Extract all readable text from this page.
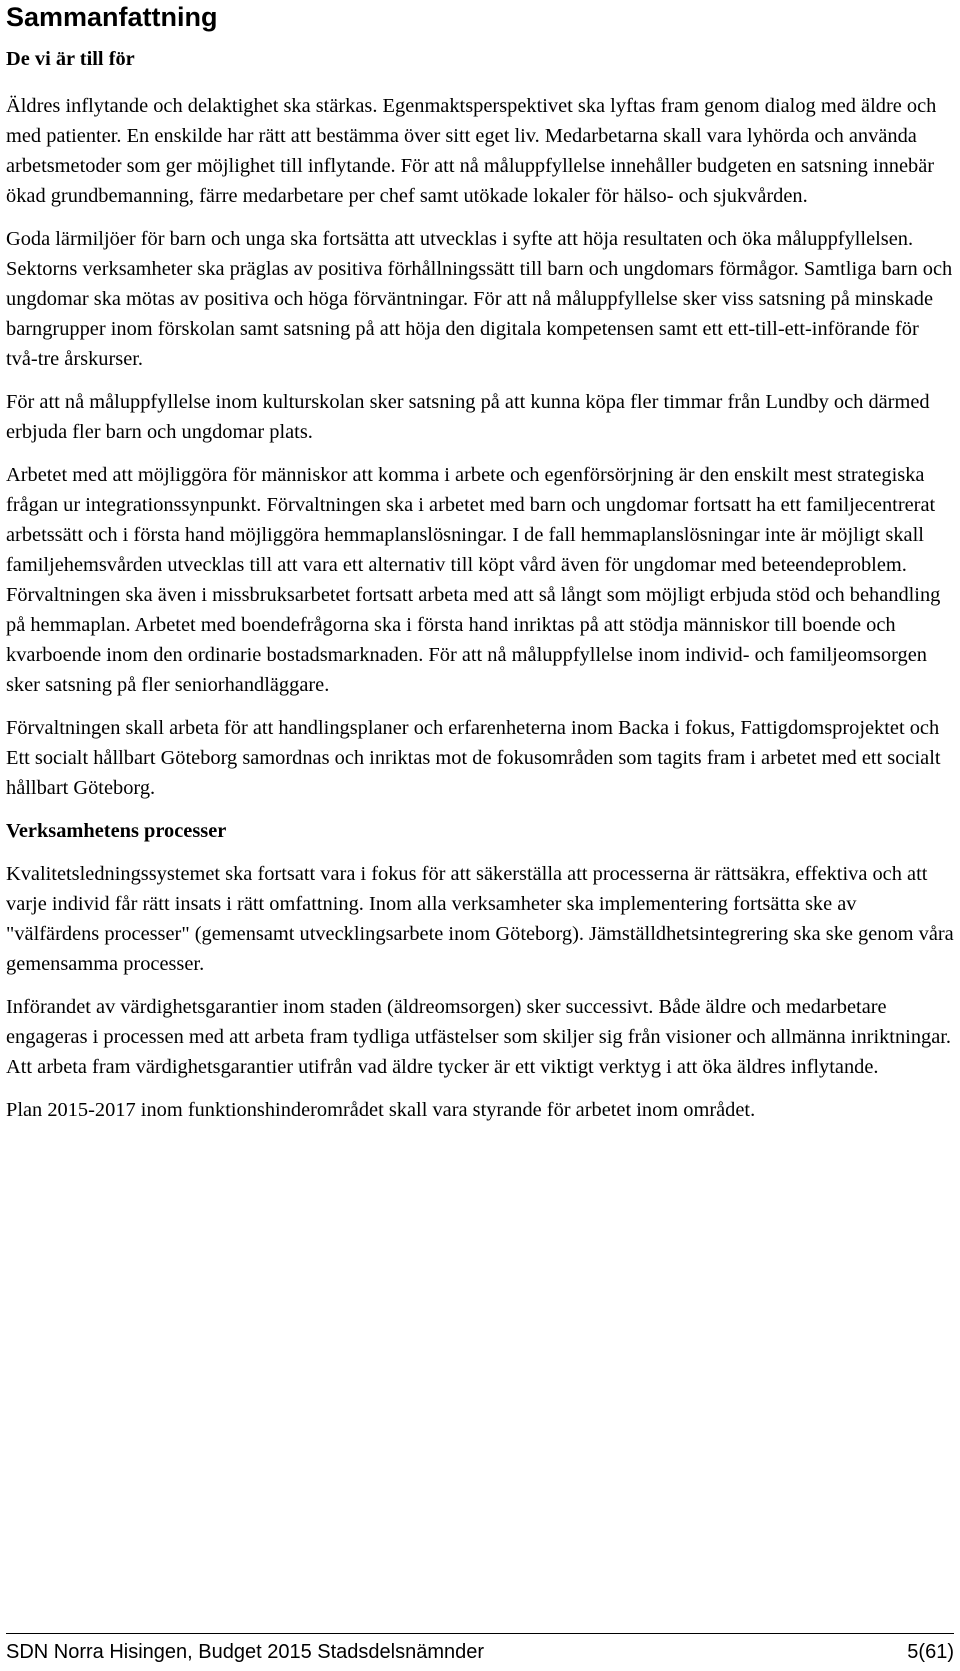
Sammanfattning
De vi är till för

Äldres inflytande och delaktighet ska stärkas. Egenmaktsperspektivet ska lyftas fram genom dialog med äldre och med patienter. En enskilde har rätt att bestämma över sitt eget liv. Medarbetarna skall vara lyhörda och använda arbetsmetoder som ger möjlighet till inflytande. För att nå måluppfyllelse innehåller budgeten en satsning innebär ökad grundbemanning, färre medarbetare per chef samt utökade lokaler för hälso- och sjukvården.

Goda lärmiljöer för barn och unga ska fortsätta att utvecklas i syfte att höja resultaten och öka måluppfyllelsen. Sektorns verksamheter ska präglas av positiva förhållningssätt till barn och ungdomars förmågor. Samtliga barn och ungdomar ska mötas av positiva och höga förväntningar. För att nå måluppfyllelse sker viss satsning på minskade barngrupper inom förskolan samt satsning på att höja den digitala kompetensen samt ett ett-till-ett-införande för två-tre årskurser.

För att nå måluppfyllelse inom kulturskolan sker satsning på att kunna köpa fler timmar från Lundby och därmed erbjuda fler barn och ungdomar plats.

Arbetet med att möjliggöra för människor att komma i arbete och egenförsörjning är den enskilt mest strategiska frågan ur integrationssynpunkt. Förvaltningen ska i arbetet med barn och ungdomar fortsatt ha ett familjecentrerat arbetssätt och i första hand möjliggöra hemmaplanslösningar. I de fall hemmaplanslösningar inte är möjligt skall familjehemsvården utvecklas till att vara ett alternativ till köpt vård även för ungdomar med beteendeproblem. Förvaltningen ska även i missbruksarbetet fortsatt arbeta med att så långt som möjligt erbjuda stöd och behandling på hemmaplan. Arbetet med boendefrågorna ska i första hand inriktas på att stödja människor till boende och kvarboende inom den ordinarie bostadsmarknaden. För att nå måluppfyllelse inom individ- och familjeomsorgen sker satsning på fler seniorhandläggare.

Förvaltningen skall arbeta för att handlingsplaner och erfarenheterna inom Backa i fokus, Fattigdomsprojektet och Ett socialt hållbart Göteborg samordnas och inriktas mot de fokusområden som tagits fram i arbetet med ett socialt hållbart Göteborg.

Verksamhetens processer

Kvalitetsledningssystemet ska fortsatt vara i fokus för att säkerställa att processerna är rättsäkra, effektiva och att varje individ får rätt insats i rätt omfattning. Inom alla verksamheter ska implementering fortsätta ske av "välfärdens processer" (gemensamt utvecklingsarbete inom Göteborg). Jämställdhetsintegrering ska ske genom våra gemensamma processer.

Införandet av värdighetsgarantier inom staden (äldreomsorgen) sker successivt. Både äldre och medarbetare engageras i processen med att arbeta fram tydliga utfästelser som skiljer sig från visioner och allmänna inriktningar. Att arbeta fram värdighetsgarantier utifrån vad äldre tycker är ett viktigt verktyg i att öka äldres inflytande.

Plan 2015-2017 inom funktionshinderområdet skall vara styrande för arbetet inom området.

SDN Norra Hisingen, Budget 2015 Stadsdelsnämnder	5(61)
